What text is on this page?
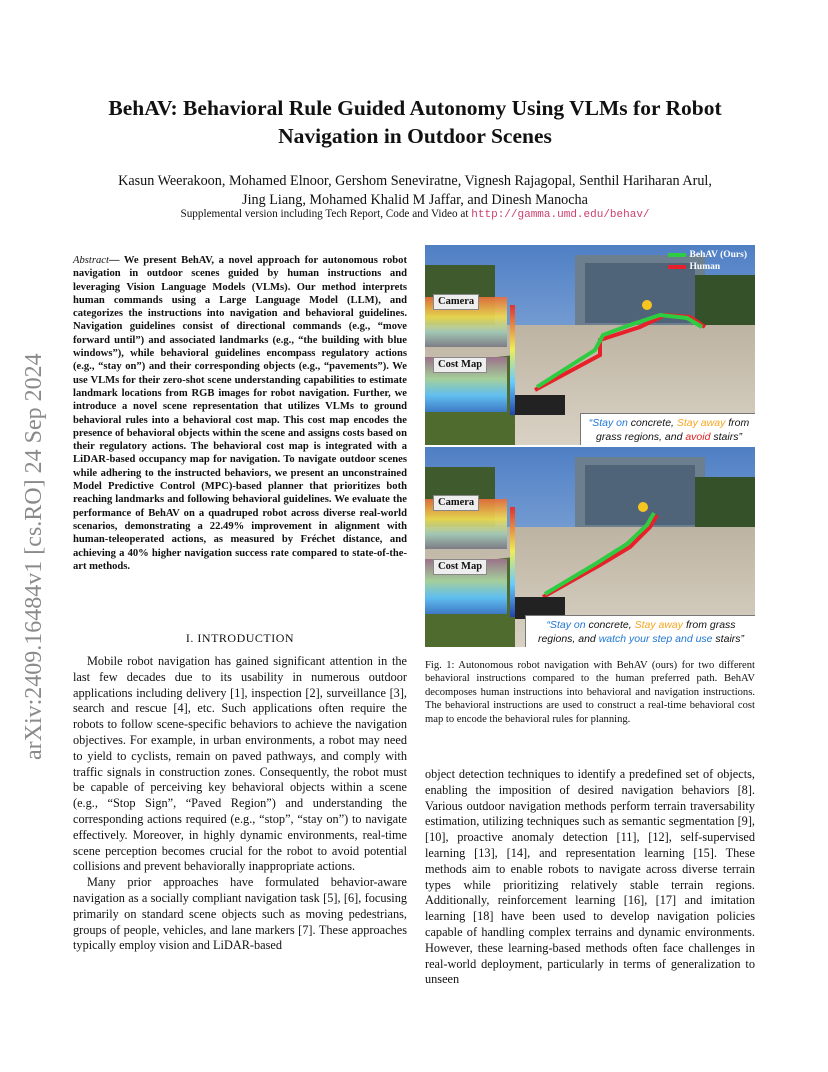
arXiv:2409.16484v1 [cs.RO] 24 Sep 2024
BehAV: Behavioral Rule Guided Autonomy Using VLMs for Robot Navigation in Outdoor Scenes
Kasun Weerakoon, Mohamed Elnoor, Gershom Seneviratne, Vignesh Rajagopal, Senthil Hariharan Arul,
Jing Liang, Mohamed Khalid M Jaffar, and Dinesh Manocha
Supplemental version including Tech Report, Code and Video at http://gamma.umd.edu/behav/
Abstract— We present BehAV, a novel approach for autonomous robot navigation in outdoor scenes guided by human instructions and leveraging Vision Language Models (VLMs). Our method interprets human commands using a Large Language Model (LLM), and categorizes the instructions into navigation and behavioral guidelines. Navigation guidelines consist of directional commands (e.g., “move forward until”) and associated landmarks (e.g., “the building with blue windows”), while behavioral guidelines encompass regulatory actions (e.g., “stay on”) and their corresponding objects (e.g., “pavements”). We use VLMs for their zero-shot scene understanding capabilities to estimate landmark locations from RGB images for robot navigation. Further, we introduce a novel scene representation that utilizes VLMs to ground behavioral rules into a behavioral cost map. This cost map encodes the presence of behavioral objects within the scene and assigns costs based on their regulatory actions. The behavioral cost map is integrated with a LiDAR-based occupancy map for navigation. To navigate outdoor scenes while adhering to the instructed behaviors, we present an unconstrained Model Predictive Control (MPC)-based planner that prioritizes both reaching landmarks and following behavioral guidelines. We evaluate the performance of BehAV on a quadruped robot across diverse real-world scenarios, demonstrating a 22.49% improvement in alignment with human-teleoperated actions, as measured by Fréchet distance, and achieving a 40% higher navigation success rate compared to state-of-the-art methods.
I. INTRODUCTION

Mobile robot navigation has gained significant attention in the last few decades due to its usability in numerous outdoor applications including delivery [1], inspection [2], surveillance [3], search and rescue [4], etc. Such applications often require the robots to follow scene-specific behaviors to achieve the navigation objectives. For example, in urban environments, a robot may need to yield to cyclists, remain on paved pathways, and comply with traffic signals in construction zones. Consequently, the robot must be capable of perceiving key behavioral objects within a scene (e.g., “Stop Sign”, “Paved Region”) and understanding the corresponding actions required (e.g., “stop”, “stay on”) to navigate effectively. Moreover, in highly dynamic environments, real-time scene perception becomes crucial for the robot to avoid potential collisions and prevent behaviorally inappropriate actions.

Many prior approaches have formulated behavior-aware navigation as a socially compliant navigation task [5], [6], focusing primarily on standard scene objects such as moving pedestrians, groups of people, vehicles, and lane markers [7]. These approaches typically employ vision and LiDAR-based

BehAV (Ours)
Human
Camera
Cost Map
“Stay on concrete, Stay away from grass regions, and avoid stairs”
Camera
Cost Map
“Stay on concrete, Stay away from grass regions, and watch your step and use stairs”
Fig. 1: Autonomous robot navigation with BehAV (ours) for two different behavioral instructions compared to the human preferred path. BehAV decomposes human instructions into behavioral and navigation instructions. The behavioral instructions are used to construct a real-time behavioral cost map to encode the behavioral rules for planning.

object detection techniques to identify a predefined set of objects, enabling the imposition of desired navigation behaviors [8]. Various outdoor navigation methods perform terrain traversability estimation, utilizing techniques such as semantic segmentation [9], [10], proactive anomaly detection [11], [12], self-supervised learning [13], [14], and representation learning [15]. These methods aim to enable robots to navigate across diverse terrain types while prioritizing relatively stable terrain regions. Additionally, reinforcement learning [16], [17] and imitation learning [18] have been used to develop navigation policies capable of handling complex terrains and dynamic environments. However, these learning-based methods often face challenges in real-world deployment, particularly in terms of generalization to unseen
